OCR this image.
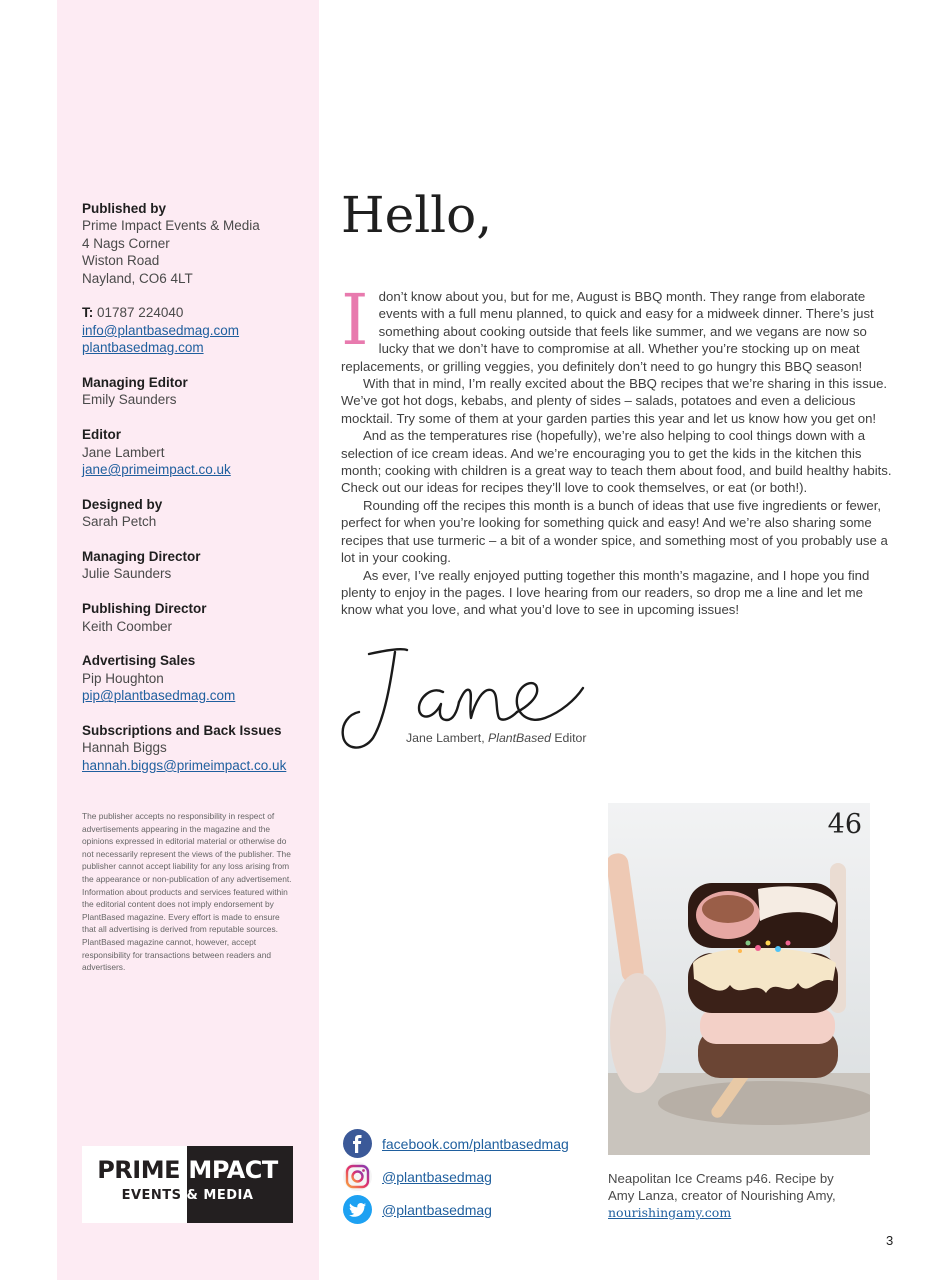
Published by
Prime Impact Events & Media
4 Nags Corner
Wiston Road
Nayland, CO6 4LT
T: 01787 224040
info@plantbasedmag.com
plantbasedmag.com
Managing Editor
Emily Saunders
Editor
Jane Lambert
jane@primeimpact.co.uk
Designed by
Sarah Petch
Managing Director
Julie Saunders
Publishing Director
Keith Coomber
Advertising Sales
Pip Houghton
pip@plantbasedmag.com
Subscriptions and Back Issues
Hannah Biggs
hannah.biggs@primeimpact.co.uk
The publisher accepts no responsibility in respect of advertisements appearing in the magazine and the opinions expressed in editorial material or otherwise do not necessarily represent the views of the publisher. The publisher cannot accept liability for any loss arising from the appearance or non-publication of any advertisement. Information about products and services featured within the editorial content does not imply endorsement by PlantBased magazine. Every effort is made to ensure that all advertising is derived from reputable sources. PlantBased magazine cannot, however, accept responsibility for transactions between readers and advertisers.
PRIMEIMPACT
EVENTS & MEDIA
Hello,

Idon’t know about you, but for me, August is BBQ month. They range from elaborate events with a full menu planned, to quick and easy for a midweek dinner. There’s just something about cooking outside that feels like summer, and we vegans are now so lucky that we don’t have to compromise at all. Whether you’re stocking up on meat replacements, or grilling veggies, you definitely don’t need to go hungry this BBQ season!

With that in mind, I’m really excited about the BBQ recipes that we’re sharing in this issue. We’ve got hot dogs, kebabs, and plenty of sides – salads, potatoes and even a delicious mocktail. Try some of them at your garden parties this year and let us know how you get on!

And as the temperatures rise (hopefully), we’re also helping to cool things down with a selection of ice cream ideas. And we’re encouraging you to get the kids in the kitchen this month; cooking with children is a great way to teach them about food, and build healthy habits. Check out our ideas for recipes they’ll love to cook themselves, or eat (or both!).

Rounding off the recipes this month is a bunch of ideas that use five ingredients or fewer, perfect for when you’re looking for something quick and easy! And we’re also sharing some recipes that use turmeric – a bit of a wonder spice, and something most of you probably use a lot in your cooking.

As ever, I’ve really enjoyed putting together this month’s magazine, and I hope you find plenty to enjoy in the pages. I love hearing from our readers, so drop me a line and let me know what you love, and what you’d love to see in upcoming issues!

Jane Lambert, PlantBased Editor
46
Neapolitan Ice Creams p46. Recipe by Amy Lanza, creator of Nourishing Amy,
nourishingamy.com
facebook.com/plantbasedmag
@plantbasedmag
@plantbasedmag
3
